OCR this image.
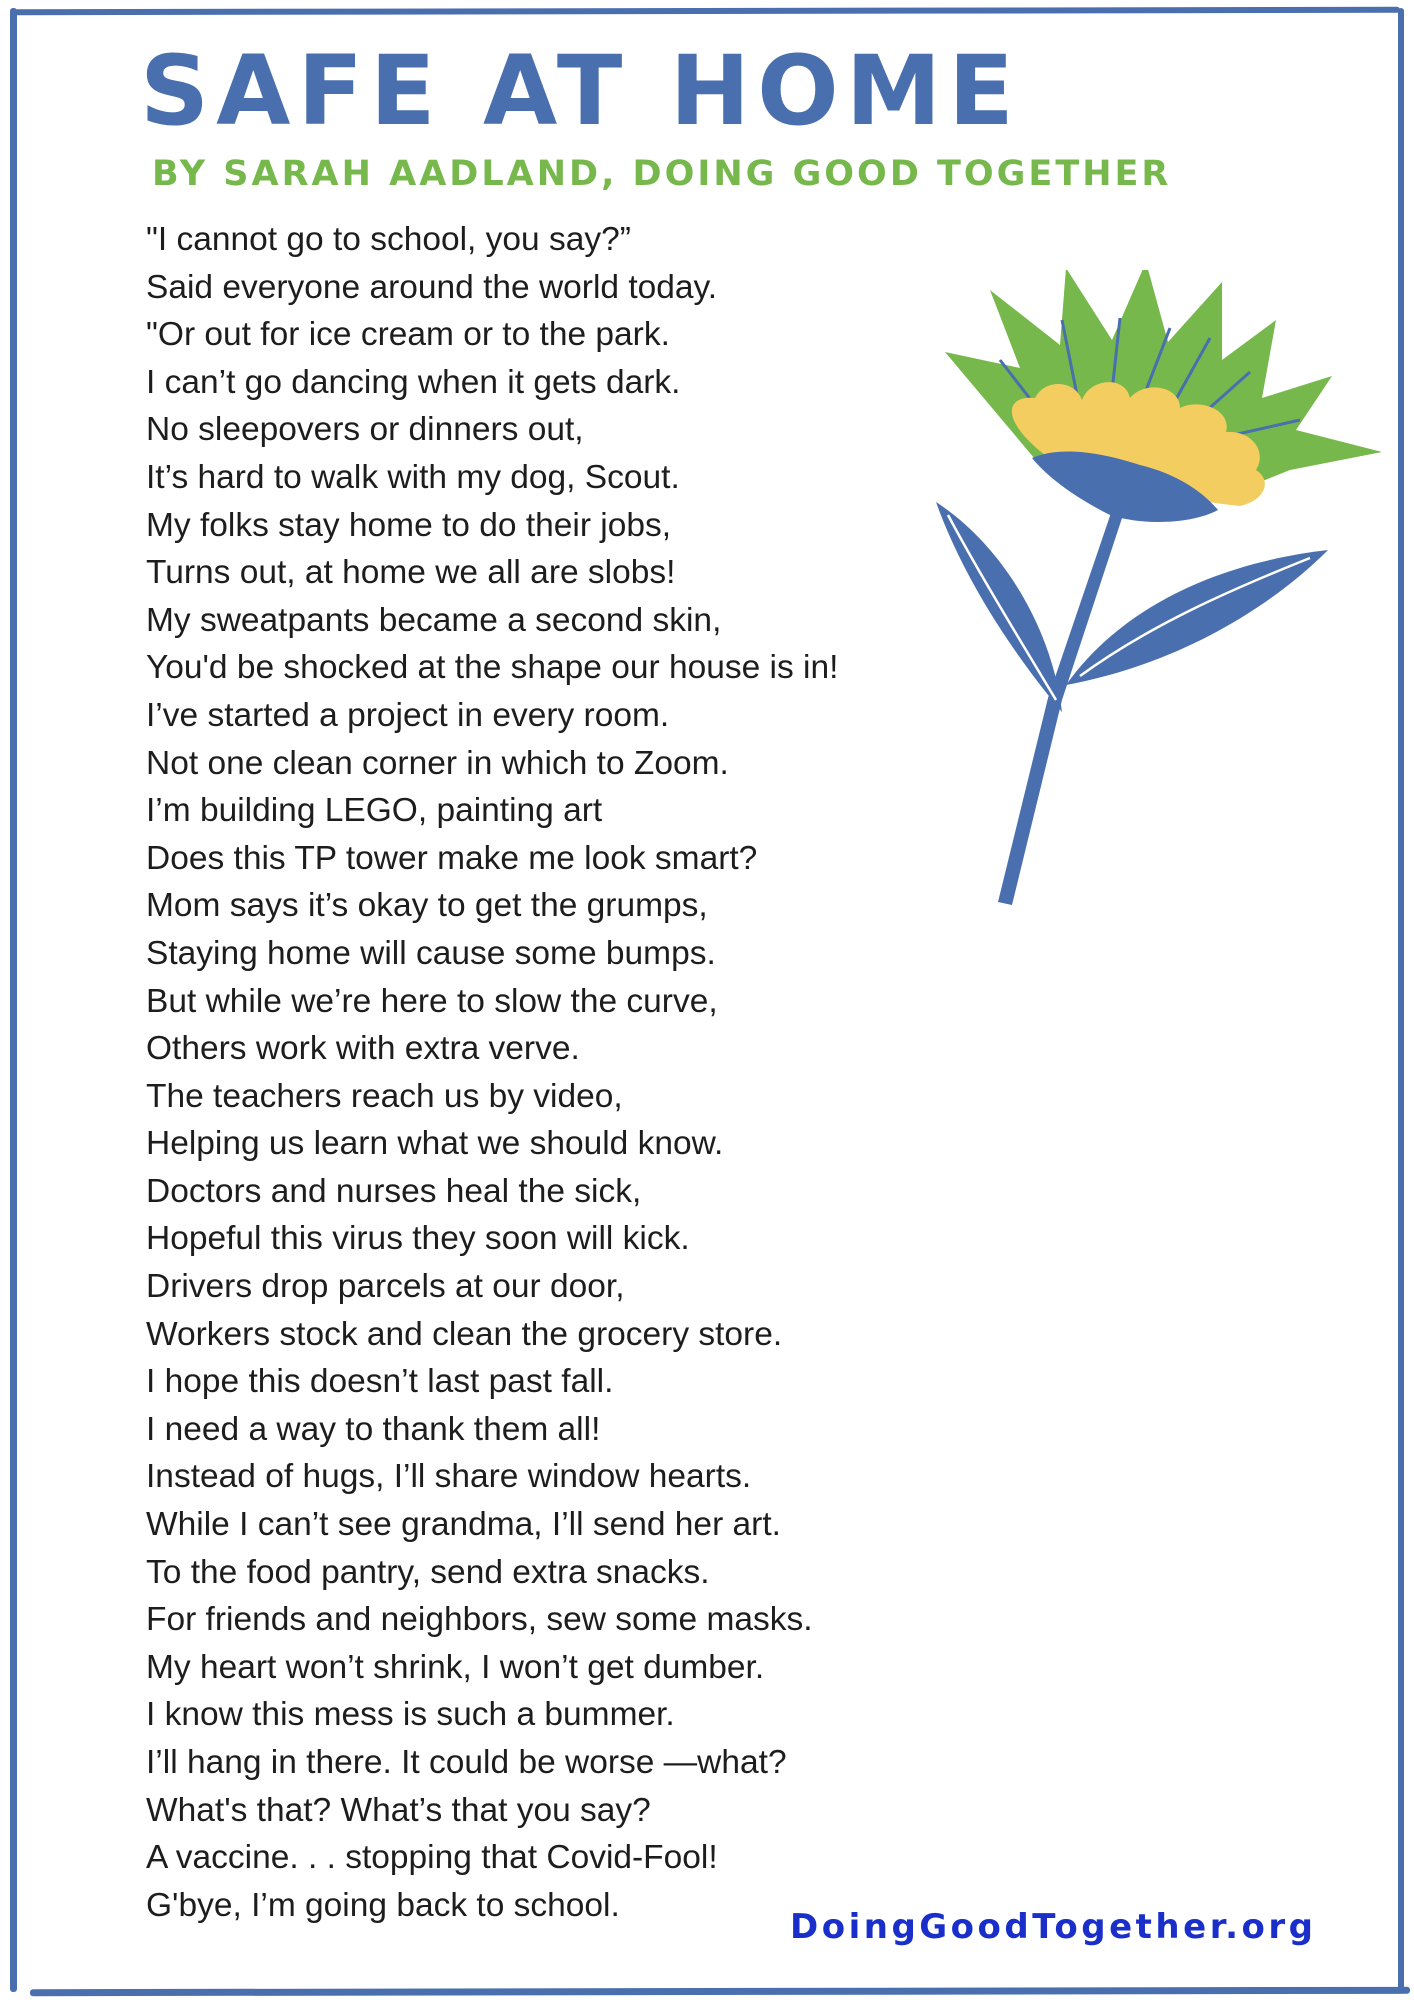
SAFE AT HOME
BY SARAH AADLAND, DOING GOOD TOGETHER
"I cannot go to school, you say?”
Said everyone around the world today.
"Or out for ice cream or to the park.
I can’t go dancing when it gets dark.
No sleepovers or dinners out,
It’s hard to walk with my dog, Scout.
My folks stay home to do their jobs,
Turns out, at home we all are slobs!
My sweatpants became a second skin,
You'd be shocked at the shape our house is in!
I’ve started a project in every room.
Not one clean corner in which to Zoom.
I’m building LEGO, painting art
Does this TP tower make me look smart?
Mom says it’s okay to get the grumps,
Staying home will cause some bumps.
But while we’re here to slow the curve,
Others work with extra verve.
The teachers reach us by video,
Helping us learn what we should know.
Doctors and nurses heal the sick,
Hopeful this virus they soon will kick.
Drivers drop parcels at our door,
Workers stock and clean the grocery store.
I hope this doesn’t last past fall.
I need a way to thank them all!
Instead of hugs, I’ll share window hearts.
While I can’t see grandma, I’ll send her art.
To the food pantry, send extra snacks.
For friends and neighbors, sew some masks.
My heart won’t shrink, I won’t get dumber.
I know this mess is such a bummer.
I’ll hang in there. It could be worse —what?
What's that? What’s that you say?
A vaccine. . . stopping that Covid-Fool!
G'bye, I’m going back to school.
DoingGoodTogether.org
